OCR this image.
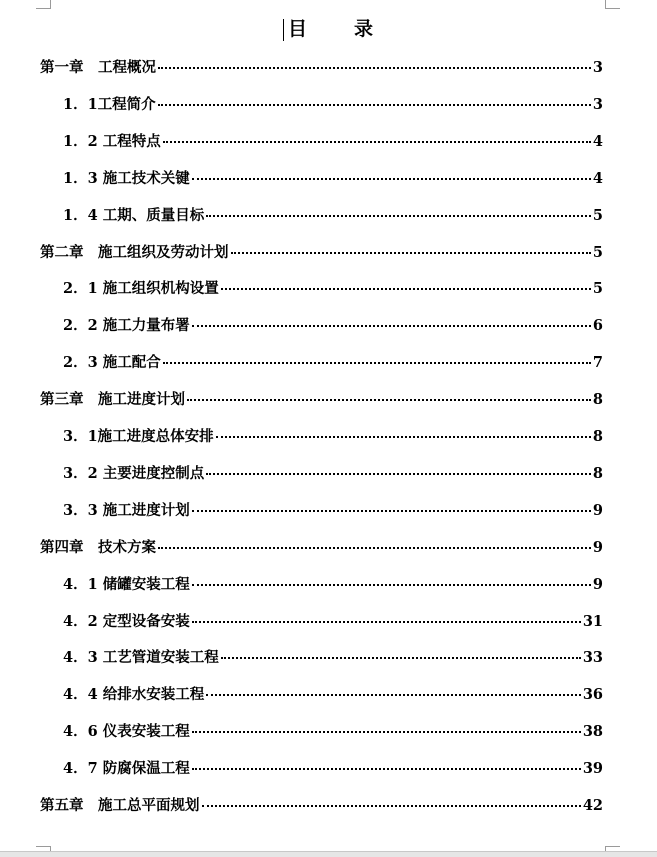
目 录
第一章　工程概况	3
1．1工程简介	3
1．2 工程特点	4
1．3 施工技术关键	4
1．4 工期、质量目标	5
第二章　施工组织及劳动计划	5
2．1 施工组织机构设置	5
2．2 施工力量布署	6
2．3 施工配合	7
第三章　施工进度计划	8
3．1施工进度总体安排	8
3．2 主要进度控制点	8
3．3 施工进度计划	9
第四章　技术方案	9
4．1 储罐安装工程	9
4．2 定型设备安装	31
4．3 工艺管道安装工程	33
4．4 给排水安装工程	36
4．6 仪表安装工程	38
4．7 防腐保温工程	39
第五章　施工总平面规划	42
